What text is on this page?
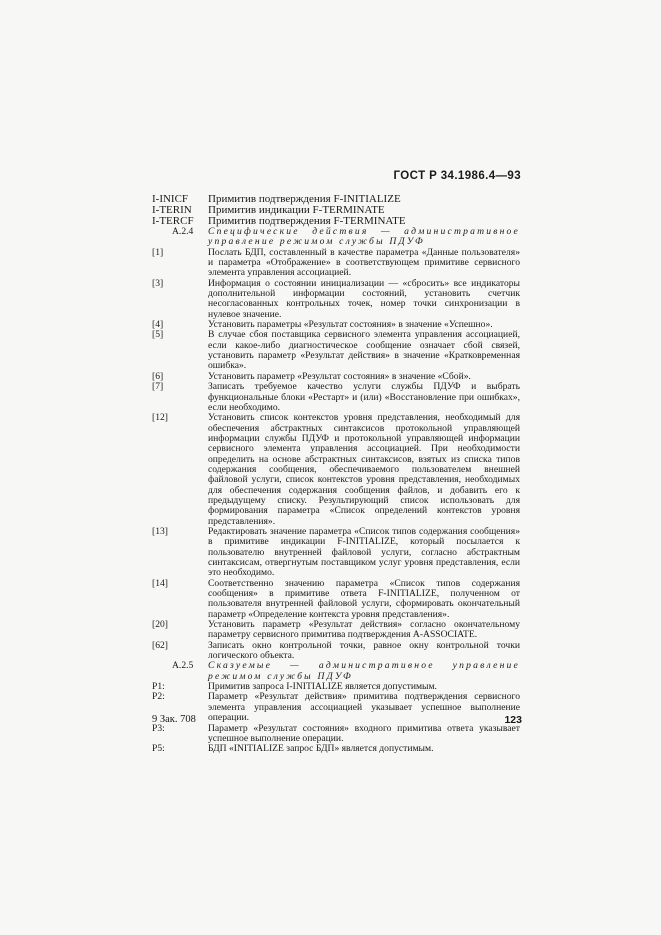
ГОСТ Р 34.1986.4—93
I-INICF Примитив подтверждения F-INITIALIZE
I-TERIN Примитив индикации F-TERMINATE
I-TERCF Примитив подтверждения F-TERMINATE
А.2.4	Специфические действия — административное управление режимом службы ПДУФ
[1]	Послать БДП, составленный в качестве параметра «Данные пользователя» и параметра «Отображение» в соответствующем примитиве сервисного элемента управления ассоциацией.
[3]	Информация о состоянии инициализации — «сбросить» все индикаторы дополнительной информации состояний, установить счетчик несогласованных контрольных точек, номер точки синхронизации в нулевое значение.
[4]	Установить параметры «Результат состояния» в значение «Успешно».
[5]	В случае сбоя поставщика сервисного элемента управления ассоциацией, если какое-либо диагностическое сообщение означает сбой связей, установить параметр «Результат действия» в значение «Кратковременная ошибка».
[6]	Установить параметр «Результат состояния» в значение «Сбой».
[7]	Записать требуемое качество услуги службы ПДУФ и выбрать функциональные блоки «Рестарт» и (или) «Восстановление при ошибках», если необходимо.
[12]	Установить список контекстов уровня представления, необходимый для обеспечения абстрактных синтаксисов протокольной управляющей информации службы ПДУФ и протокольной управляющей информации сервисного элемента управления ассоциацией. При необходимости определить на основе абстрактных синтаксисов, взятых из списка типов содержания сообщения, обеспечиваемого пользователем внешней файловой услуги, список контекстов уровня представления, необходимых для обеспечения содержания сообщения файлов, и добавить его к предыдущему списку. Результирующий список использовать для формирования параметра «Список определений контекстов уровня представления».
[13]	Редактировать значение параметра «Список типов содержания сообщения» в примитиве индикации F-INITIALIZE, который посылается к пользователю внутренней файловой услуги, согласно абстрактным синтаксисам, отвергнутым поставщиком услуг уровня представления, если это необходимо.
[14]	Соответственно значению параметра «Список типов содержания сообщения» в примитиве ответа F-INITIALIZE, полученном от пользователя внутренней файловой услуги, сформировать окончательный параметр «Определение контекста уровня представления».
[20]	Установить параметр «Результат действия» согласно окончательному параметру сервисного примитива подтверждения A-ASSOCIATE.
[62]	Записать окно контрольной точки, равное окну контрольной точки логического объекта.
А.2.5	Сказуемые — административное управление режимом службы ПДУФ
P1:	Примитив запроса I-INITIALIZE является допустимым.
P2:	Параметр «Результат действия» примитива подтверждения сервисного элемента управления ассоциацией указывает успешное выполнение операции.
P3:	Параметр «Результат состояния» входного примитива ответа указывает успешное выполнение операции.
P5:	БДП «INITIALIZE запрос БДП» является допустимым.
9 Зак. 708	123
